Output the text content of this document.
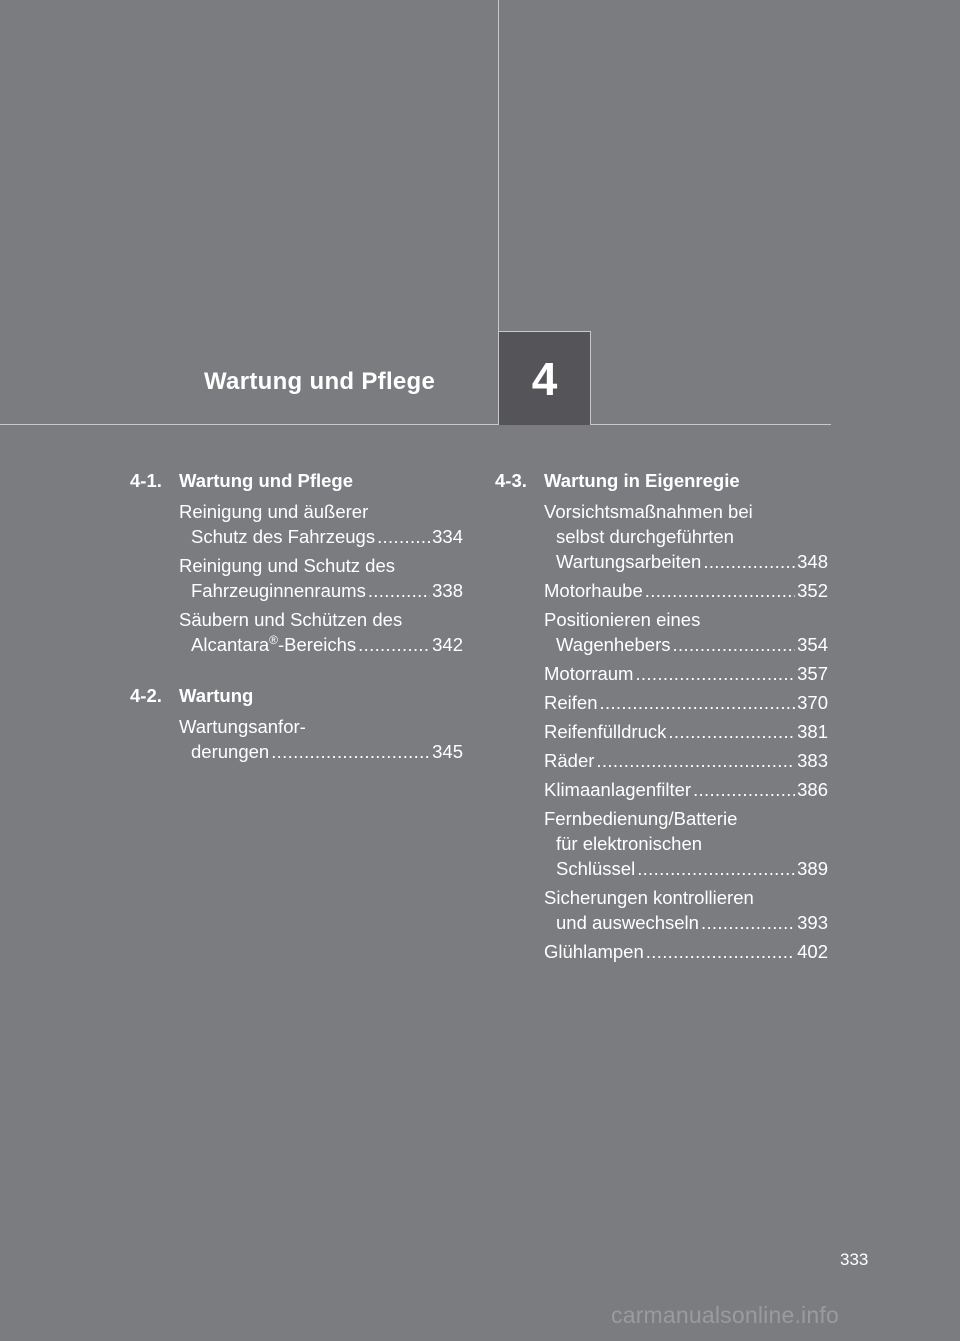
Wartung und Pflege 4
4-1. Wartung und Pflege
Reinigung und äußerer
Schutz des Fahrzeugs . . .	334
Reinigung und Schutz des
Fahrzeuginnenraums . . .	338
Säubern und Schützen des
Alcantara®-Bereichs . . .	342
4-2. Wartung
Wartungsanfor-
derungen . . .	345
4-3. Wartung in Eigenregie
Vorsichtsmaßnahmen bei
selbst durchgeführten
Wartungsarbeiten . . .	348
Motorhaube . . .	352
Positionieren eines
Wagenhebers . . .	354
Motorraum . . .	357
Reifen . . .	370
Reifenfülldruck . . .	381
Räder . . .	383
Klimaanlagenfilter . . .	386
Fernbedienung/Batterie
für elektronischen
Schlüssel . . .	389
Sicherungen kontrollieren
und auswechseln . . .	393
Glühlampen . . .	402
333
carmanualsonline.info
